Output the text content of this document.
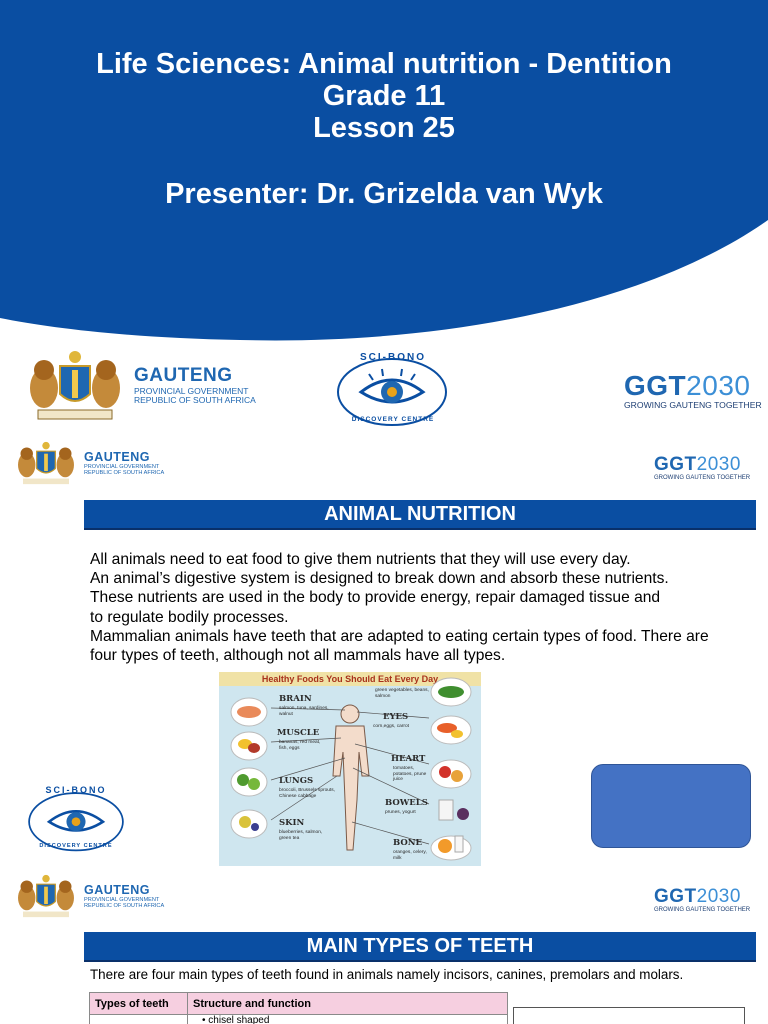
Life Sciences: Animal nutrition - Dentition
Grade 11
Lesson 25
Presenter: Dr. Grizelda van Wyk
GAUTENG
PROVINCIAL GOVERNMENT
REPUBLIC OF SOUTH AFRICA
SCI-BONO
DISCOVERY CENTRE
GGT2030
GROWING GAUTENG TOGETHER
GAUTENG
PROVINCIAL GOVERNMENT
REPUBLIC OF SOUTH AFRICA	GGT2030
GROWING GAUTENG TOGETHER
ANIMAL NUTRITION
All animals need to eat food to give them nutrients that they will use every day.
An animal’s digestive system is designed to break down and absorb these nutrients.
These nutrients are used in the body to provide energy, repair damaged tissue and
to regulate bodily processes.
Mammalian animals have teeth that are adapted to eating certain types of food. There are
four types of teeth, although not all mammals have all types.
Healthy Foods You Should Eat Every Day
BRAIN
salmon, tuna, sardines, walnut
MUSCLE
bananas, red meat, fish, eggs
LUNGS
broccoli, Brussels sprouts, Chinese cabbage
SKIN
blueberries, salmon, green tea
green vegetables, beans, salmon
EYES
corn,eggs, carrot
HEART
tomatoes, potatoes, prune juice
BOWELS
prunes, yogurt
BONE
oranges, celery, milk
SCI-BONO
DISCOVERY CENTRE
GAUTENG
PROVINCIAL GOVERNMENT
REPUBLIC OF SOUTH AFRICA	GGT2030
GROWING GAUTENG TOGETHER
MAIN TYPES OF TEETH
There are four main types of teeth found in animals namely incisors, canines, premolars and molars.
Types of teeth	Structure and function
	• chisel shaped
